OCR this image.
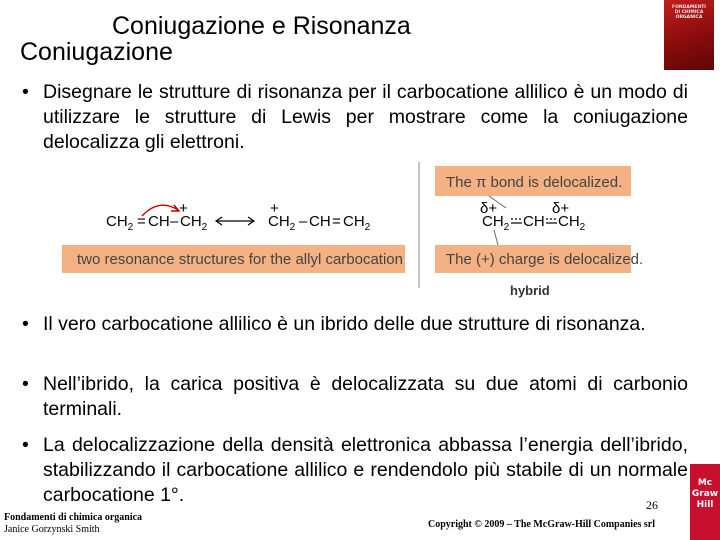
Coniugazione e Risonanza
Coniugazione
FONDAMENTI
DI CHIMICA
ORGANICA
• Disegnare le strutture di risonanza per il carbocatione allilico è un modo di utilizzare le strutture di Lewis per mostrare come la coniugazione delocalizza gli elettroni.
two resonance structures for the allyl carbocation
$CH_2$ = CH – $CH_2$
+	+
$CH_2$ – CH = $CH_2$
The π bond is delocalized.
δ+	δ+
$CH_2$ CH $CH_2$
The (+) charge is delocalized.
hybrid
• Il vero carbocatione allilico è un ibrido delle due strutture di risonanza.
• Nell’ibrido, la carica positiva è delocalizzata su due atomi di carbonio terminali.
• La delocalizzazione della densità elettronica abbassa l’energia dell’ibrido, stabilizzando il carbocatione allilico e rendendolo più stabile di un normale carbocatione 1°.	26
Fondamenti di chimica organica
Janice Gorzynski Smith	Copyright © 2009 – The McGraw-Hill Companies srl
Mc
Graw
Hill
